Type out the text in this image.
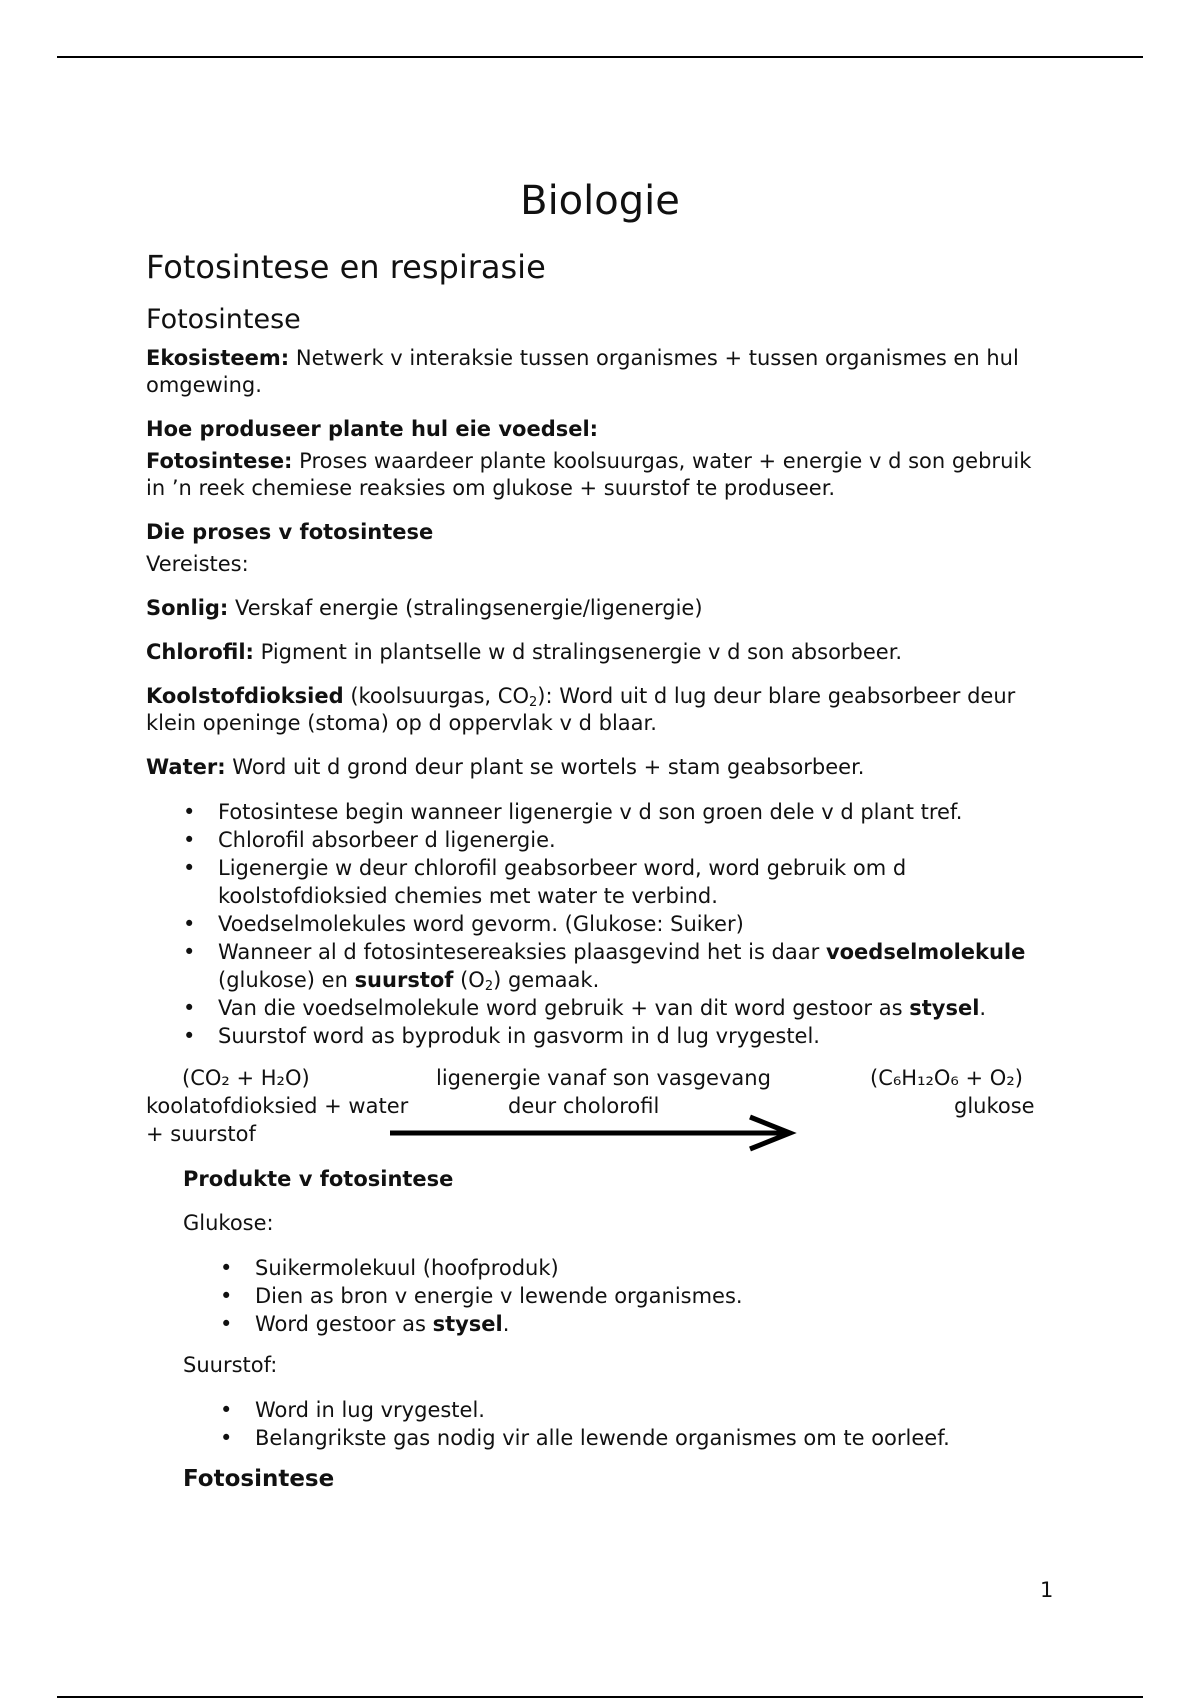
Biologie
Fotosintese en respirasie
Fotosintese

Ekosisteem: Netwerk v interaksie tussen organismes + tussen organismes en hul omgewing.

Hoe produseer plante hul eie voedsel:

Fotosintese: Proses waardeer plante koolsuurgas, water + energie v d son gebruik in ’n reek chemiese reaksies om glukose + suurstof te produseer.

Die proses v fotosintese

Vereistes:

Sonlig: Verskaf energie (stralingsenergie/ligenergie)

Chlorofil: Pigment in plantselle w d stralingsenergie v d son absorbeer.

Koolstofdioksied (koolsuurgas, $CO_2$): Word uit d lug deur blare geabsorbeer deur klein openinge (stoma) op d oppervlak v d blaar.

Water: Word uit d grond deur plant se wortels + stam geabsorbeer.

• Fotosintese begin wanneer ligenergie v d son groen dele v d plant tref.
• Chlorofil absorbeer d ligenergie.
• Ligenergie w deur chlorofil geabsorbeer word, word gebruik om d koolstofdioksied chemies met water te verbind.
• Voedselmolekules word gevorm. (Glukose: Suiker)
• Wanneer al d fotosintesereaksies plaasgevind het is daar voedselmolekule (glukose) en suurstof $(O_2)$ gemaak.
• Van die voedselmolekule word gebruik + van dit word gestoor as stysel.
• Suurstof word as byproduk in gasvorm in d lug vrygestel.
(CO₂ + H₂O)
koolatofdioksied + water
+ suurstof
ligenergie vanaf son vasgevang
deur cholorofil
(C₆H₁₂O₆ + O₂)
glukose

Produkte v fotosintese

Glukose:

• Suikermolekuul (hoofproduk)
• Dien as bron v energie v lewende organismes.
• Word gestoor as stysel.

Suurstof:

• Word in lug vrygestel.
• Belangrikste gas nodig vir alle lewende organismes om te oorleef.

Fotosintese

1
